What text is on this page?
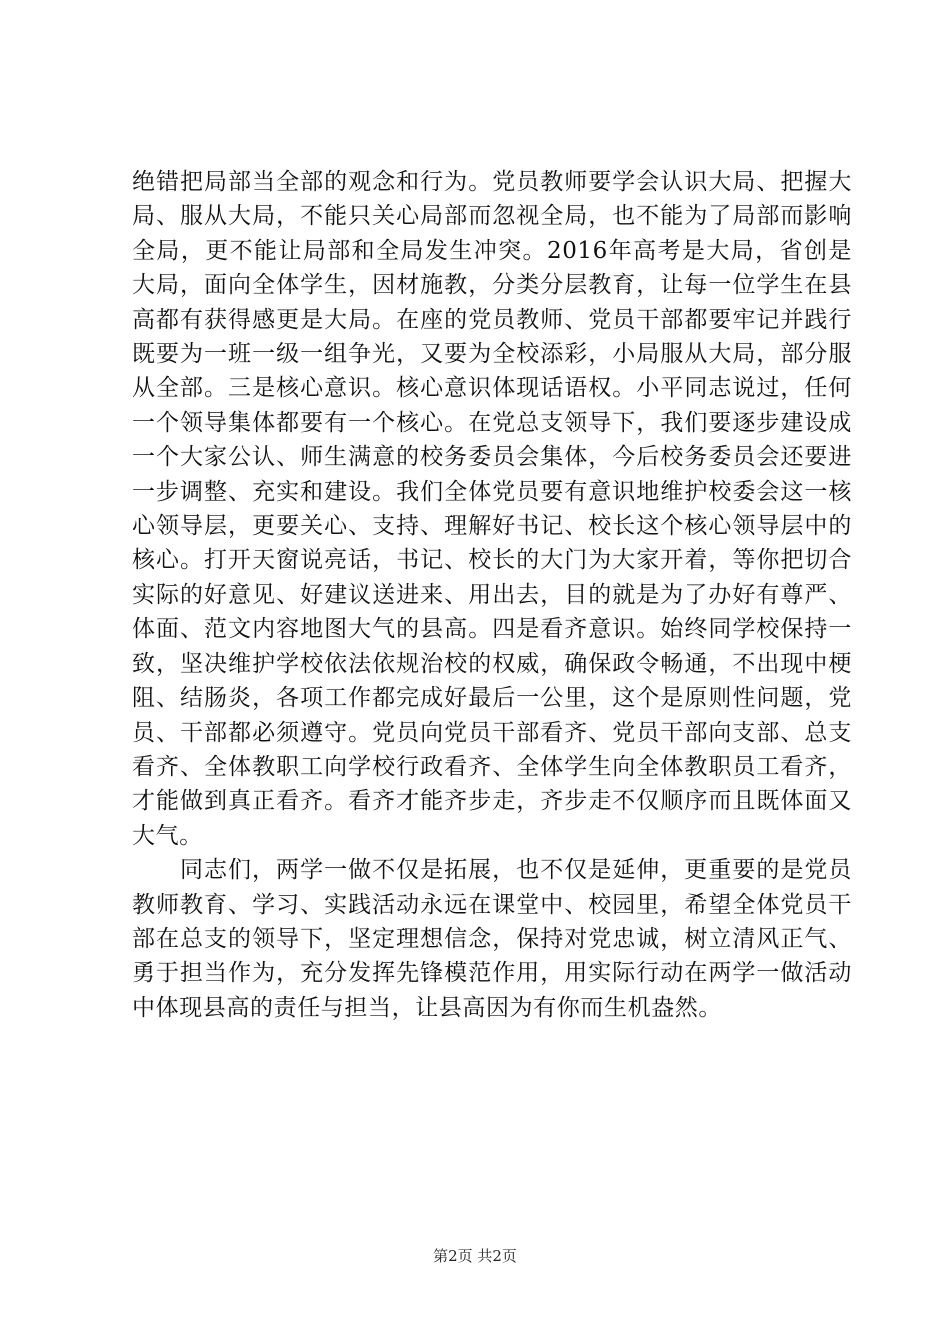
绝错把局部当全部的观念和行为。党员教师要学会认识大局、把握大局、服从大局，不能只关心局部而忽视全局，也不能为了局部而影响全局，更不能让局部和全局发生冲突。2016年高考是大局，省创是大局，面向全体学生，因材施教，分类分层教育，让每一位学生在县高都有获得感更是大局。在座的党员教师、党员干部都要牢记并践行既要为一班一级一组争光，又要为全校添彩，小局服从大局，部分服从全部。三是核心意识。核心意识体现话语权。小平同志说过，任何一个领导集体都要有一个核心。在党总支领导下，我们要逐步建设成一个大家公认、师生满意的校务委员会集体，今后校务委员会还要进一步调整、充实和建设。我们全体党员要有意识地维护校委会这一核心领导层，更要关心、支持、理解好书记、校长这个核心领导层中的核心。打开天窗说亮话，书记、校长的大门为大家开着，等你把切合实际的好意见、好建议送进来、用出去，目的就是为了办好有尊严、体面、范文内容地图大气的县高。四是看齐意识。始终同学校保持一致，坚决维护学校依法依规治校的权威，确保政令畅通，不出现中梗阻、结肠炎，各项工作都完成好最后一公里，这个是原则性问题，党员、干部都必须遵守。党员向党员干部看齐、党员干部向支部、总支看齐、全体教职工向学校行政看齐、全体学生向全体教职员工看齐，才能做到真正看齐。看齐才能齐步走，齐步走不仅顺序而且既体面又大气。

同志们，两学一做不仅是拓展，也不仅是延伸，更重要的是党员教师教育、学习、实践活动永远在课堂中、校园里，希望全体党员干部在总支的领导下，坚定理想信念，保持对党忠诚，树立清风正气、勇于担当作为，充分发挥先锋模范作用，用实际行动在两学一做活动中体现县高的责任与担当，让县高因为有你而生机盎然。

第2页 共2页
